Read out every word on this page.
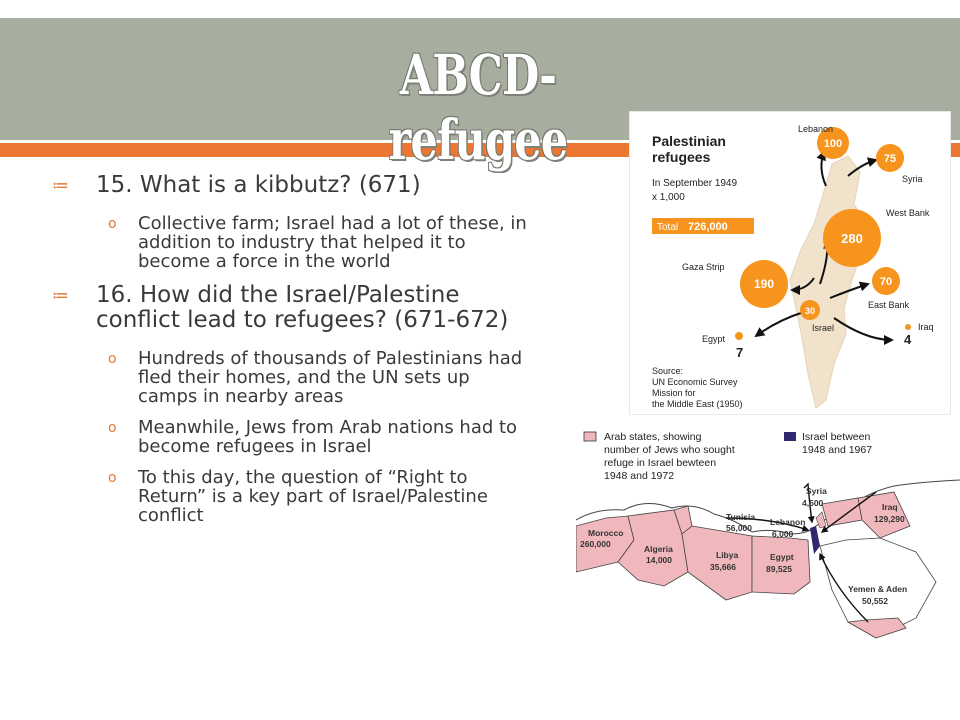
ABCD-refugee
≔ 15. What is a kibbutz? (671)
o Collective farm; Israel had a lot of these, in addition to industry that helped it to become a force in the world
≔ 16. How did the Israel/Palestine conflict lead to refugees? (671-672)
o Hundreds of thousands of Palestinians had fled their homes, and the UN sets up camps in nearby areas
o Meanwhile, Jews from Arab nations had to become refugees in Israel
o To this day, the question of “Right to Return” is a key part of Israel/Palestine conflict
Palestinian
refugees
In September 1949
x 1,000
Total 726,000
100
Lebanon
75
Syria
280
West Bank
190
Gaza Strip
30
Israel
70
East Bank
7
Egypt	4
Iraq
Source:
UN Economic Survey
Mission for
the Middle East (1950)
Arab states, showing
number of Jews who sought
refuge in Israel bewteen
1948 and 1972
Israel between
1948 and 1967
Morocco
260,000	Algeria
14,000
Tunisia
56,000
Libya
35,666
Egypt
89,525
Lebanon
6,000
Syria
4,500	Iraq
129,290
Yemen & Aden
50,552
